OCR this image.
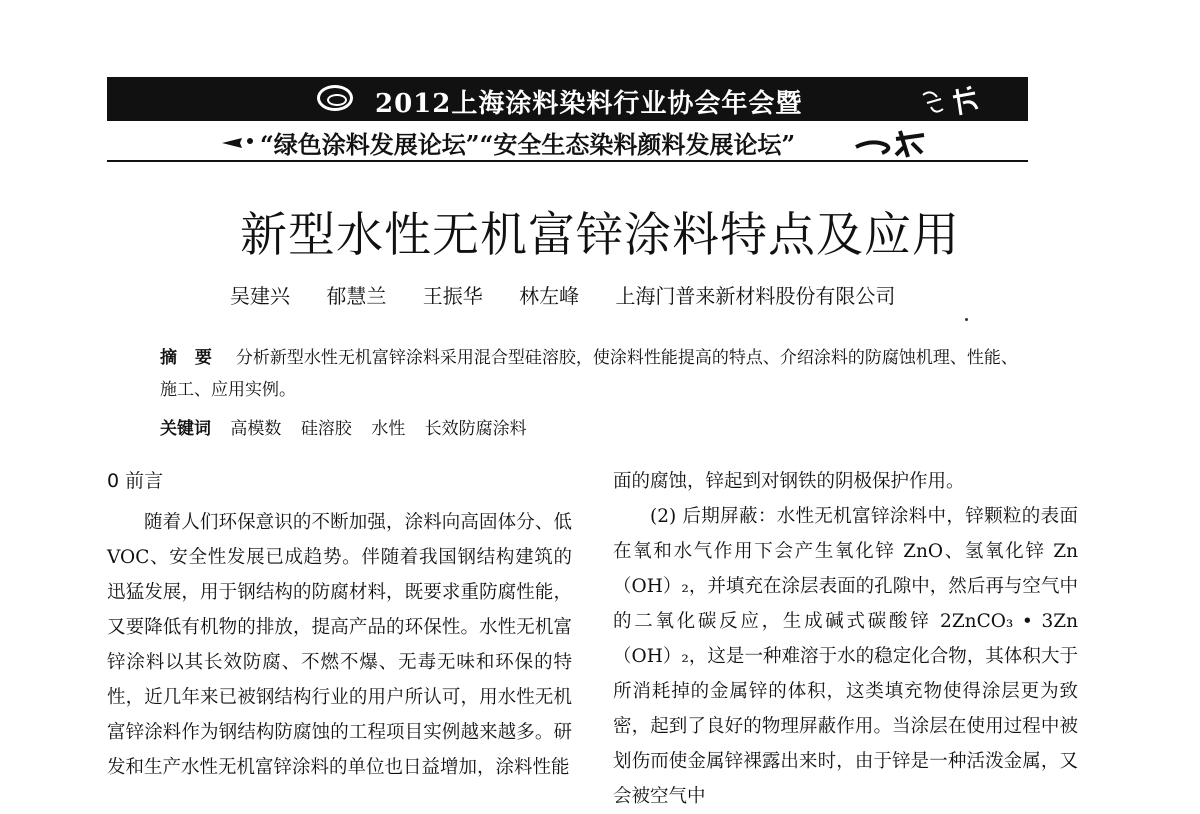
2012上海涂料染料行业协会年会暨
“绿色涂料发展论坛”“安全生态染料颜料发展论坛”
新型水性无机富锌涂料特点及应用
吴建兴 郁慧兰 王振华 林左峰 上海门普来新材料股份有限公司
摘 要 分析新型水性无机富锌涂料采用混合型硅溶胶，使涂料性能提高的特点、介绍涂料的防腐蚀机理、性能、施工、应用实例。
关键词 高模数 硅溶胶 水性 长效防腐涂料
0 前言

随着人们环保意识的不断加强，涂料向高固体分、低 VOC、安全性发展已成趋势。伴随着我国钢结构建筑的迅猛发展，用于钢结构的防腐材料，既要求重防腐性能，又要降低有机物的排放，提高产品的环保性。水性无机富锌涂料以其长效防腐、不燃不爆、无毒无味和环保的特性，近几年来已被钢结构行业的用户所认可，用水性无机富锌涂料作为钢结构防腐蚀的工程项目实例越来越多。研发和生产水性无机富锌涂料的单位也日益增加，涂料性能

面的腐蚀，锌起到对钢铁的阴极保护作用。

(2) 后期屏蔽：水性无机富锌涂料中，锌颗粒的表面在氧和水气作用下会产生氧化锌 ZnO、氢氧化锌 Zn（OH）₂，并填充在涂层表面的孔隙中，然后再与空气中的二氧化碳反应，生成碱式碳酸锌 2ZnCO₃ • 3Zn（OH）₂，这是一种难溶于水的稳定化合物，其体积大于所消耗掉的金属锌的体积，这类填充物使得涂层更为致密，起到了良好的物理屏蔽作用。当涂层在使用过程中被划伤而使金属锌裸露出来时，由于锌是一种活泼金属，又会被空气中
